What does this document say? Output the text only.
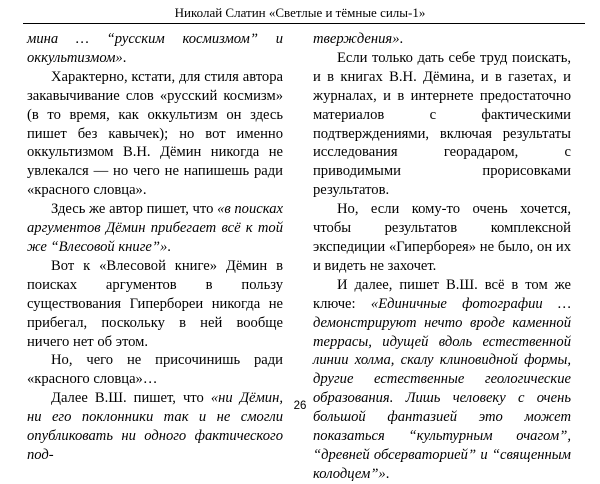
Николай Слатин «Светлые и тёмные силы-1»

мина … “русским космизмом” и оккультизмом».

Характерно, кстати, для стиля автора закавычивание слов «русский космизм» (в то время, как оккультизм он здесь пишет без кавычек); но вот именно оккультизмом В.Н. Дёмин никогда не увлекался — но чего не напишешь ради «красного словца».

Здесь же автор пишет, что «в поисках аргументов Дёмин прибегает всё к той же “Влесовой книге”».

Вот к «Влесовой книге» Дёмин в поисках аргументов в пользу существования Гипербореи никогда не прибегал, поскольку в ней вообще ничего нет об этом.

Но, чего не присочинишь ради «красного словца»…

Далее В.Ш. пишет, что «ни Дёмин, ни его поклонники так и не смогли опубликовать ни одного фактического под-

тверждения».

Если только дать себе труд поискать, и в книгах В.Н. Дёмина, и в газетах, и журналах, и в интернете предостаточно материалов с фактическими подтверждениями, включая результаты исследования георадаром, с приводимыми прорисовками результатов.

Но, если кому-то очень хочется, чтобы результатов комплексной экспедиции «Гиперборея» не было, он их и видеть не захочет.

И далее, пишет В.Ш. всё в том же ключе: «Единичные фотографии … демонстрируют нечто вроде каменной террасы, идущей вдоль естественной линии холма, скалу клиновидной формы, другие естественные геологические образования. Лишь человеку с очень большой фантазией это может показаться “культурным очагом”, “древней обсерваторией” и “священным колодцем”».

26
